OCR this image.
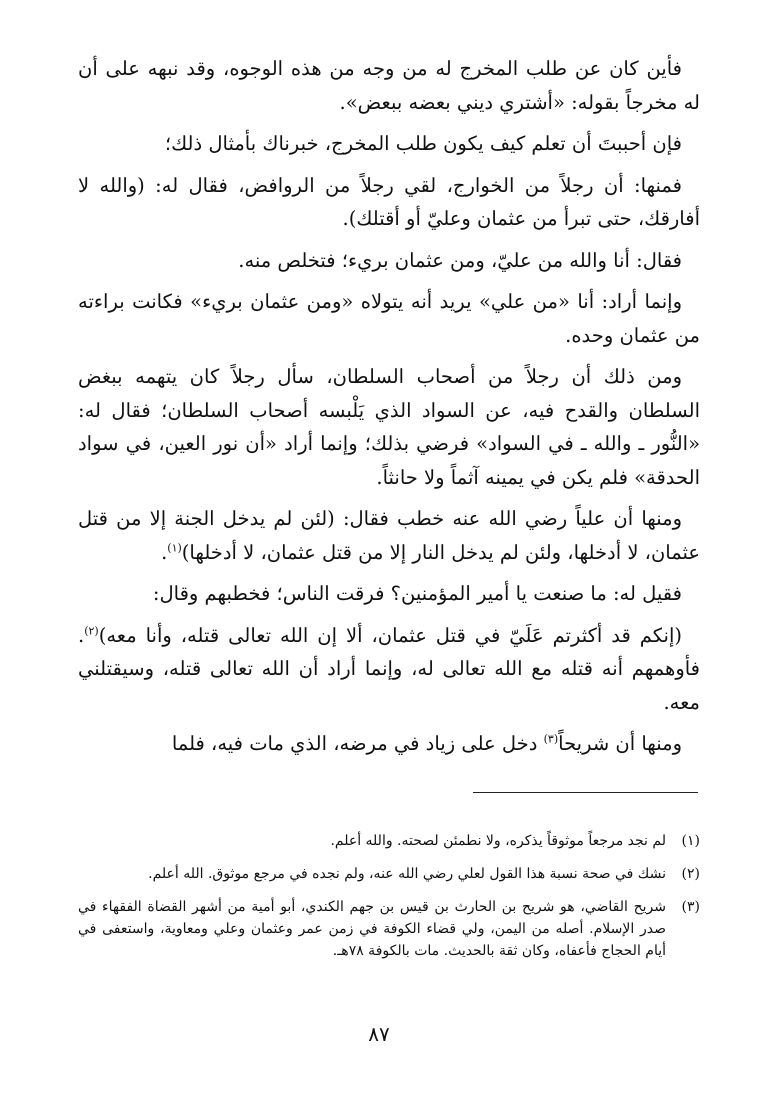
فأين كان عن طلب المخرج له من وجه من هذه الوجوه، وقد نبهه على أن له مخرجاً بقوله: «أشتري ديني بعضه ببعض».

فإن أحببتَ أن تعلم كيف يكون طلب المخرج، خبرناك بأمثال ذلك؛

فمنها: أن رجلاً من الخوارج، لقي رجلاً من الروافض، فقال له: (والله لا أفارقك، حتى تبرأ من عثمان وعليّ أو أقتلك).

فقال: أنا والله من عليّ، ومن عثمان بريء؛ فتخلص منه.

وإنما أراد: أنا «من علي» يريد أنه يتولاه «ومن عثمان بريء» فكانت براءته من عثمان وحده.

ومن ذلك أن رجلاً من أصحاب السلطان، سأل رجلاً كان يتهمه ببغض السلطان والقدح فيه، عن السواد الذي يَلْبسه أصحاب السلطان؛ فقال له: «النُّور ـ والله ـ في السواد» فرضي بذلك؛ وإنما أراد «أن نور العين، في سواد الحدقة» فلم يكن في يمينه آثماً ولا حانثاً.

ومنها أن علياً رضي الله عنه خطب فقال: (لئن لم يدخل الجنة إلا من قتل عثمان، لا أدخلها، ولئن لم يدخل النار إلا من قتل عثمان، لا أدخلها)$^{(١)}$.

فقيل له: ما صنعت يا أمير المؤمنين؟ فرقت الناس؛ فخطبهم وقال:

(إنكم قد أكثرتم عَلَيّ في قتل عثمان، ألا إن الله تعالى قتله، وأنا معه)$^{(٢)}$. فأوهمهم أنه قتله مع الله تعالى له، وإنما أراد أن الله تعالى قتله، وسيقتلني معه.

ومنها أن شريحاً$^{(٣)}$ دخل على زياد في مرضه، الذي مات فيه، فلما

(١)
لم نجد مرجعاً موثوقاً يذكره، ولا نطمئن لصحته. والله أعلم.
(٢)
نشك في صحة نسبة هذا القول لعلي رضي الله عنه، ولم نجده في مرجع موثوق. الله أعلم.
(٣)
شريح القاضي، هو شريح بن الحارث بن قيس بن جهم الكندي، أبو أمية من أشهر القضاة الفقهاء في صدر الإسلام. أصله من اليمن، ولي قضاء الكوفة في زمن عمر وعثمان وعلي ومعاوية، واستعفى في أيام الحجاج فأعفاه، وكان ثقة بالحديث. مات بالكوفة ٧٨هـ.
٨٧
